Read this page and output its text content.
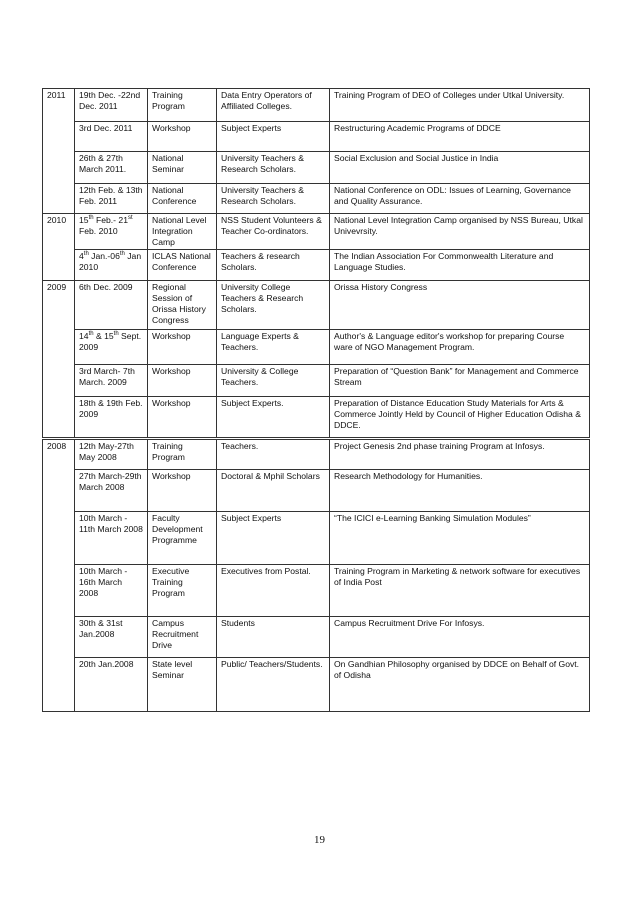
2011	19th Dec. -22nd Dec. 2011	Training Program	Data Entry Operators of Affiliated Colleges.	Training Program of DEO of Colleges under Utkal University.
	3rd Dec. 2011	Workshop	Subject Experts	Restructuring Academic Programs of DDCE
	26th & 27th March 2011.	National Seminar	University Teachers & Research Scholars.	Social Exclusion and Social Justice in India
	12th Feb. & 13th Feb. 2011	National Conference	University Teachers & Research Scholars.	National Conference on ODL: Issues of Learning, Governance and Quality Assurance.
2010	15th Feb.- 21st Feb. 2010	National Level Integration Camp	NSS Student Volunteers & Teacher Co-ordinators.	National Level Integration Camp organised by NSS Bureau, Utkal Univevrsity.
	4th Jan.-06th Jan 2010	ICLAS National Conference	Teachers & research Scholars.	The Indian Association For Commonwealth Literature and Language Studies.
2009	6th Dec. 2009	Regional Session of Orissa History Congress	University College Teachers & Research Scholars.	Orissa History Congress
	14th & 15th Sept. 2009	Workshop	Language Experts & Teachers.	Author's & Language editor's workshop for preparing Course ware of NGO Management Program.
	3rd March- 7th March. 2009	Workshop	University & College Teachers.	Preparation of “Question Bank” for Management and Commerce Stream
	18th & 19th Feb. 2009	Workshop	Subject Experts.	Preparation of Distance Education Study Materials for Arts & Commerce Jointly Held by Council of Higher Education Odisha & DDCE.
2008	12th May-27th May 2008	Training Program	Teachers.	Project Genesis 2nd phase training Program at Infosys.
	27th March-29th March 2008	Workshop	Doctoral & Mphil Scholars	Research Methodology for Humanities.
	10th March - 11th March 2008	Faculty Development Programme	Subject Experts	“The ICICI e-Learning Banking Simulation Modules”
	10th March - 16th March 2008	Executive Training Program	Executives from Postal.	Training Program in Marketing & network software for executives of India Post
	30th & 31st Jan.2008	Campus Recruitment Drive	Students	Campus Recruitment Drive For Infosys.
	20th Jan.2008	State level Seminar	Public/ Teachers/Students.	On Gandhian Philosophy organised by DDCE on Behalf of Govt. of Odisha
19
